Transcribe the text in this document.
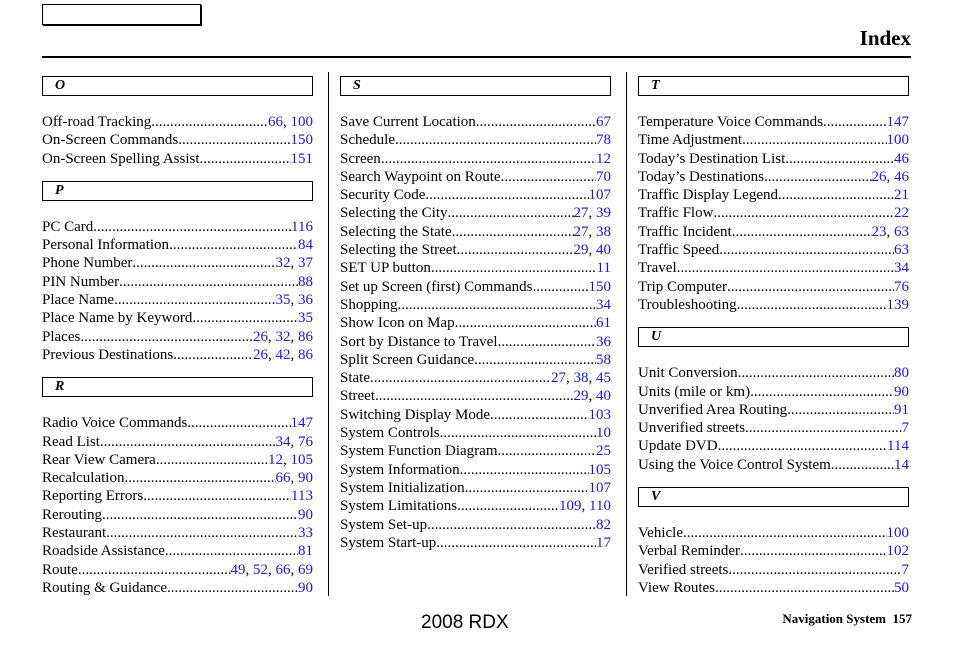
Index
O
Off-road Tracking .....	66, 100
On-Screen Commands .....	150
On-Screen Spelling Assist .....	151
P
PC Card .....	116
Personal Information .....	84
Phone Number .....	32, 37
PIN Number .....	88
Place Name .....	35, 36
Place Name by Keyword .....	35
Places .....	26, 32, 86
Previous Destinations .....	26, 42, 86
R
Radio Voice Commands .....	147
Read List .....	34, 76
Rear View Camera .....	12, 105
Recalculation .....	66, 90
Reporting Errors .....	113
Rerouting .....	90
Restaurant .....	33
Roadside Assistance .....	81
Route .....	49, 52, 66, 69
Routing & Guidance .....	90
S
Save Current Location .....	67
Schedule .....	78
Screen .....	12
Search Waypoint on Route .....	70
Security Code .....	107
Selecting the City .....	27, 39
Selecting the State .....	27, 38
Selecting the Street .....	29, 40
SET UP button .....	11
Set up Screen (first) Commands .....	150
Shopping .....	34
Show Icon on Map .....	61
Sort by Distance to Travel .....	36
Split Screen Guidance .....	58
State .....	27, 38, 45
Street .....	29, 40
Switching Display Mode .....	103
System Controls .....	10
System Function Diagram .....	25
System Information .....	105
System Initialization .....	107
System Limitations .....	109, 110
System Set-up .....	82
System Start-up .....	17
T
Temperature Voice Commands .....	147
Time Adjustment .....	100
Today’s Destination List .....	46
Today’s Destinations .....	26, 46
Traffic Display Legend .....	21
Traffic Flow .....	22
Traffic Incident .....	23, 63
Traffic Speed .....	63
Travel .....	34
Trip Computer .....	76
Troubleshooting .....	139
U
Unit Conversion .....	80
Units (mile or km) .....	90
Unverified Area Routing .....	91
Unverified streets .....	7
Update DVD .....	114
Using the Voice Control System .....	14
V
Vehicle .....	100
Verbal Reminder .....	102
Verified streets .....	7
View Routes .....	50
2008 RDX	Navigation System 157
